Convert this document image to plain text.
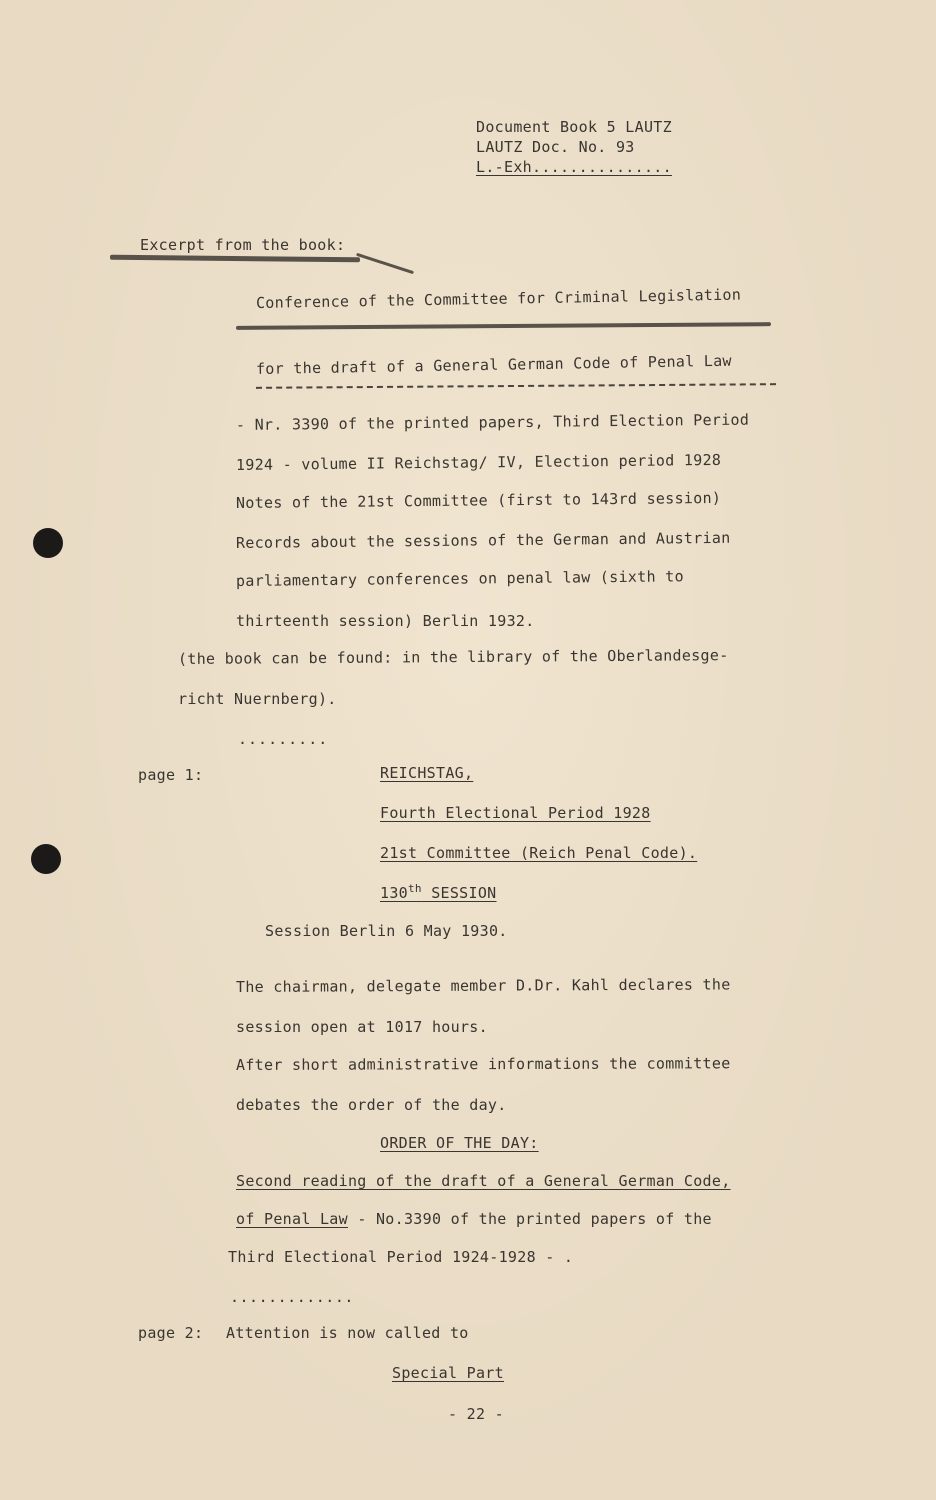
Document Book 5 LAUTZ
LAUTZ Doc. No. 93
L.-Exh...............
Excerpt from the book:
Conference of the Committee for Criminal Legislation
for the draft of a General German Code of Penal Law
- Nr. 3390 of the printed papers, Third Election Period
1924 - volume II Reichstag/ IV, Election period 1928
Notes of the 21st Committee (first to 143rd session)
Records about the sessions of the German and Austrian
parliamentary conferences on penal law (sixth to
thirteenth session) Berlin 1932.
(the book can be found: in the library of the Oberlandesge-
richt Nuernberg).
.........
page 1:	REICHSTAG,
Fourth Electional Period 1928
21st Committee (Reich Penal Code).
130th SESSION
Session Berlin 6 May 1930.
The chairman, delegate member D.Dr. Kahl declares the
session open at 1017 hours.
After short administrative informations the committee
debates the order of the day.
ORDER OF THE DAY:
Second reading of the draft of a General German Code,
of Penal Law - No.3390 of the printed papers of the
Third Electional Period 1924-1928 - .
.............
page 2: Attention is now called to
Special Part
- 22 -
